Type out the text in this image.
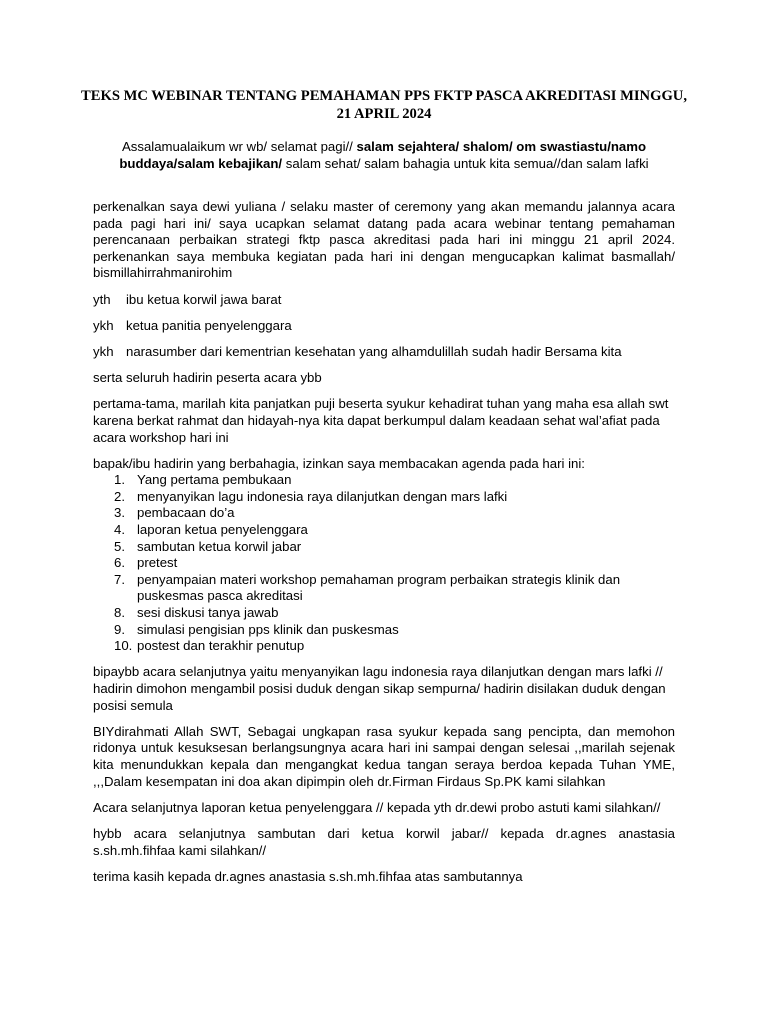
TEKS MC WEBINAR TENTANG PEMAHAMAN PPS FKTP PASCA AKREDITASI MINGGU, 21 APRIL 2024

Assalamualaikum wr wb/ selamat pagi// salam sejahtera/ shalom/ om swastiastu/namo buddaya/salam kebajikan/ salam sehat/ salam bahagia untuk kita semua//dan salam lafki

perkenalkan saya dewi yuliana / selaku master of ceremony yang akan memandu jalannya acara pada pagi hari ini/ saya ucapkan selamat datang pada acara webinar tentang pemahaman perencanaan perbaikan strategi fktp pasca akreditasi pada hari ini minggu 21 april 2024. perkenankan saya membuka kegiatan pada hari ini dengan mengucapkan kalimat basmallah/ bismillahirrahmanirohim

yth	ibu ketua korwil jawa barat
ykh ketua panitia penyelenggara
ykh narasumber dari kementrian kesehatan yang alhamdulillah sudah hadir Bersama kita

serta seluruh hadirin peserta acara ybb

pertama-tama, marilah kita panjatkan puji beserta syukur kehadirat tuhan yang maha esa allah swt karena berkat rahmat dan hidayah-nya kita dapat berkumpul dalam keadaan sehat wal’afiat pada acara workshop hari ini

bapak/ibu hadirin yang berbahagia, izinkan saya membacakan agenda pada hari ini:

1. Yang pertama pembukaan
2. menyanyikan lagu indonesia raya dilanjutkan dengan mars lafki
3. pembacaan do’a
4. laporan ketua penyelenggara
5. sambutan ketua korwil jabar
6. pretest
7. penyampaian materi workshop pemahaman program perbaikan strategis klinik dan puskesmas pasca akreditasi
8. sesi diskusi tanya jawab
9. simulasi pengisian pps klinik dan puskesmas
10. postest dan terakhir penutup

bipaybb acara selanjutnya yaitu menyanyikan lagu indonesia raya dilanjutkan dengan mars lafki // hadirin dimohon mengambil posisi duduk dengan sikap sempurna/ hadirin disilakan duduk dengan posisi semula

BIYdirahmati Allah SWT, Sebagai ungkapan rasa syukur kepada sang pencipta, dan memohon ridonya untuk kesuksesan berlangsungnya acara hari ini sampai dengan selesai ,,marilah sejenak kita menundukkan kepala dan mengangkat kedua tangan seraya berdoa kepada Tuhan YME, ,,,Dalam kesempatan ini doa akan dipimpin oleh dr.Firman Firdaus Sp.PK kami silahkan

Acara selanjutnya laporan ketua penyelenggara // kepada yth dr.dewi probo astuti kami silahkan//

hybb acara selanjutnya sambutan dari ketua korwil jabar// kepada dr.agnes anastasia s.sh.mh.fihfaa kami silahkan//

terima kasih kepada dr.agnes anastasia s.sh.mh.fihfaa atas sambutannya
